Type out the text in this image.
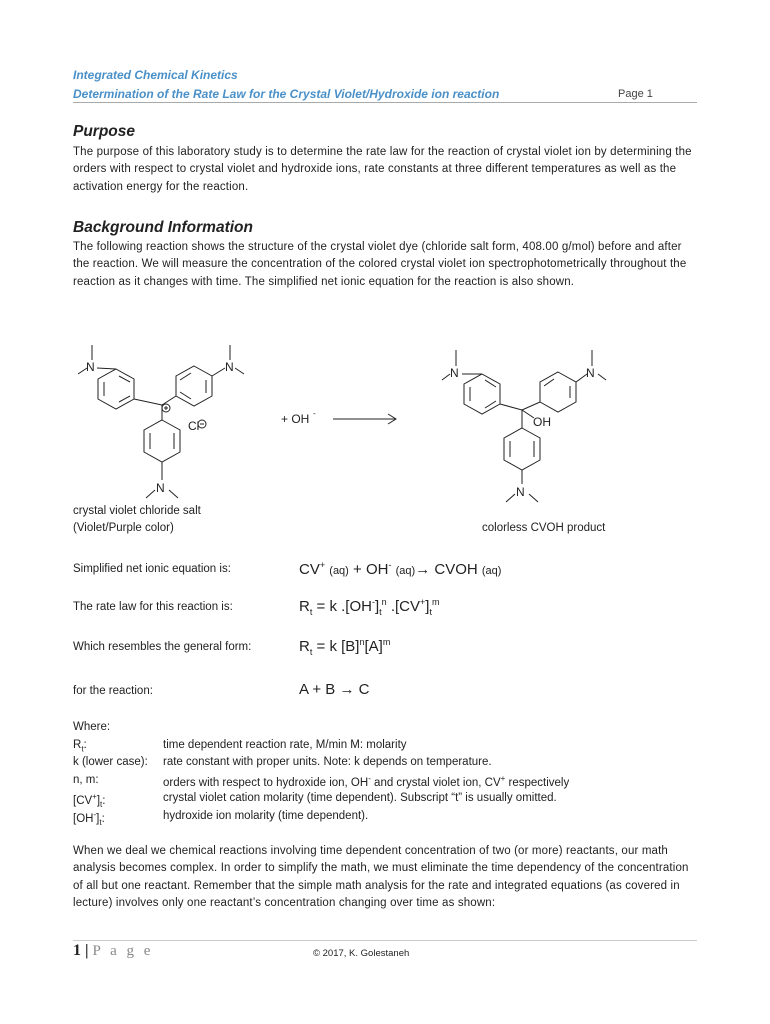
Integrated Chemical Kinetics
Determination of the Rate Law for the Crystal Violet/Hydroxide ion reaction	Page 1
Purpose
The purpose of this laboratory study is to determine the rate law for the reaction of crystal violet ion by determining the orders with respect to crystal violet and hydroxide ions, rate constants at three different temperatures as well as the activation energy for the reaction.
Background Information
The following reaction shows the structure of the crystal violet dye (chloride salt form, 408.00 g/mol) before and after the reaction. We will measure the concentration of the colored crystal violet ion spectrophotometrically throughout the reaction as it changes with time. The simplified net ionic equation for the reaction is also shown.
N	N
N
Cl	+ OH -
N	N
OH
N
crystal violet chloride salt
(Violet/Purple color)	colorless CVOH product
Simplified net ionic equation is:	CV+ (aq) + OH- (aq)→ CVOH (aq)
The rate law for this reaction is:	$R_t = k$ $.[OH^-]_t^n$ $.[CV^+]_t^m$
Which resembles the general form:	$R_t = k$ $[B]^n[A]^m$
for the reaction:	A + B → C
Where:
$R_t$:	time dependent reaction rate, M/min M: molarity
k (lower case): rate constant with proper units. Note: k depends on temperature.
n, m:	orders with respect to hydroxide ion, OH- and crystal violet ion, CV+ respectively
$[CV^+]_t$:	crystal violet cation molarity (time dependent). Subscript “t” is usually omitted.
$[OH^-]_t$:	hydroxide ion molarity (time dependent).
When we deal we chemical reactions involving time dependent concentration of two (or more) reactants, our math analysis becomes complex. In order to simplify the math, we must eliminate the time dependency of the concentration of all but one reactant. Remember that the simple math analysis for the rate and integrated equations (as covered in lecture) involves only one reactant’s concentration changing over time as shown:
1 | P a g e	© 2017, K. Golestaneh
